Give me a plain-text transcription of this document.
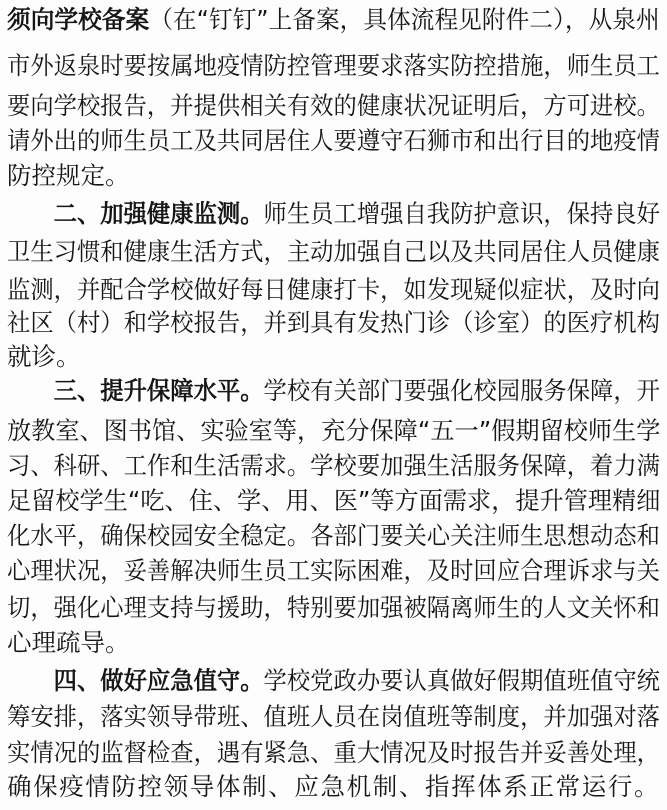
须向学校备案（在“钉钉”上备案，具体流程见附件二），从泉州

市外返泉时要按属地疫情防控管理要求落实防控措施，师生员工

要向学校报告，并提供相关有效的健康状况证明后，方可进校。

请外出的师生员工及共同居住人要遵守石狮市和出行目的地疫情

防控规定。

　　二、加强健康监测。师生员工增强自我防护意识，保持良好

卫生习惯和健康生活方式，主动加强自己以及共同居住人员健康

监测，并配合学校做好每日健康打卡，如发现疑似症状，及时向

社区（村）和学校报告，并到具有发热门诊（诊室）的医疗机构

就诊。

　　三、提升保障水平。学校有关部门要强化校园服务保障，开

放教室、图书馆、实验室等，充分保障“五一”假期留校师生学

习、科研、工作和生活需求。学校要加强生活服务保障，着力满

足留校学生“吃、住、学、用、医”等方面需求，提升管理精细

化水平，确保校园安全稳定。各部门要关心关注师生思想动态和

心理状况，妥善解决师生员工实际困难，及时回应合理诉求与关

切，强化心理支持与援助，特别要加强被隔离师生的人文关怀和

心理疏导。

　　四、做好应急值守。学校党政办要认真做好假期值班值守统

筹安排，落实领导带班、值班人员在岗值班等制度，并加强对落

实情况的监督检查，遇有紧急、重大情况及时报告并妥善处理，

确保疫情防控领导体制、应急机制、指挥体系正常运行。
